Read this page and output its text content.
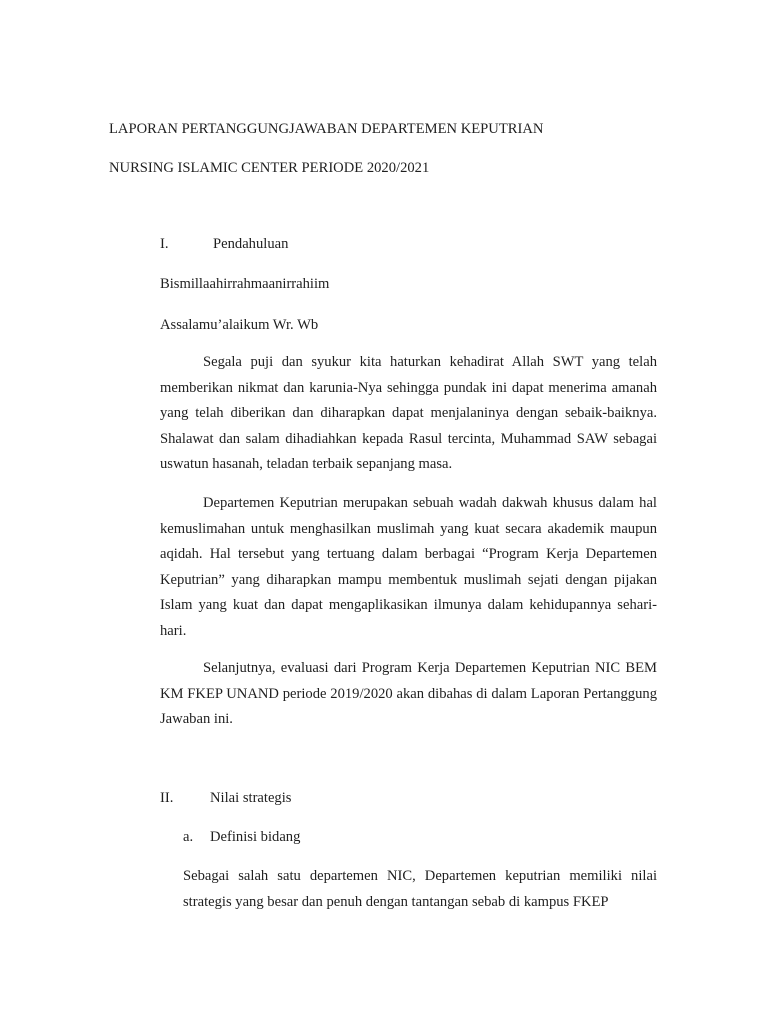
LAPORAN PERTANGGUNGJAWABAN DEPARTEMEN KEPUTRIAN
NURSING ISLAMIC CENTER PERIODE 2020/2021
I.	Pendahuluan
Bismillaahirrahmaanirrahiim
Assalamu’alaikum Wr. Wb
Segala puji dan syukur kita haturkan kehadirat Allah SWT yang telah memberikan nikmat dan karunia-Nya sehingga pundak ini dapat menerima amanah yang telah diberikan dan diharapkan dapat menjalaninya dengan sebaik-baiknya. Shalawat dan salam dihadiahkan kepada Rasul tercinta, Muhammad SAW sebagai uswatun hasanah, teladan terbaik sepanjang masa.
Departemen Keputrian merupakan sebuah wadah dakwah khusus dalam hal kemuslimahan untuk menghasilkan muslimah yang kuat secara akademik maupun aqidah. Hal tersebut yang tertuang dalam berbagai “Program Kerja Departemen Keputrian” yang diharapkan mampu membentuk muslimah sejati dengan pijakan Islam yang kuat dan dapat mengaplikasikan ilmunya dalam kehidupannya sehari-hari.
Selanjutnya, evaluasi dari Program Kerja Departemen Keputrian NIC BEM KM FKEP UNAND periode 2019/2020 akan dibahas di dalam Laporan Pertanggung Jawaban ini.
II.	Nilai strategis
a. Definisi bidang
Sebagai salah satu departemen NIC, Departemen keputrian memiliki nilai strategis yang besar dan penuh dengan tantangan sebab di kampus FKEP
